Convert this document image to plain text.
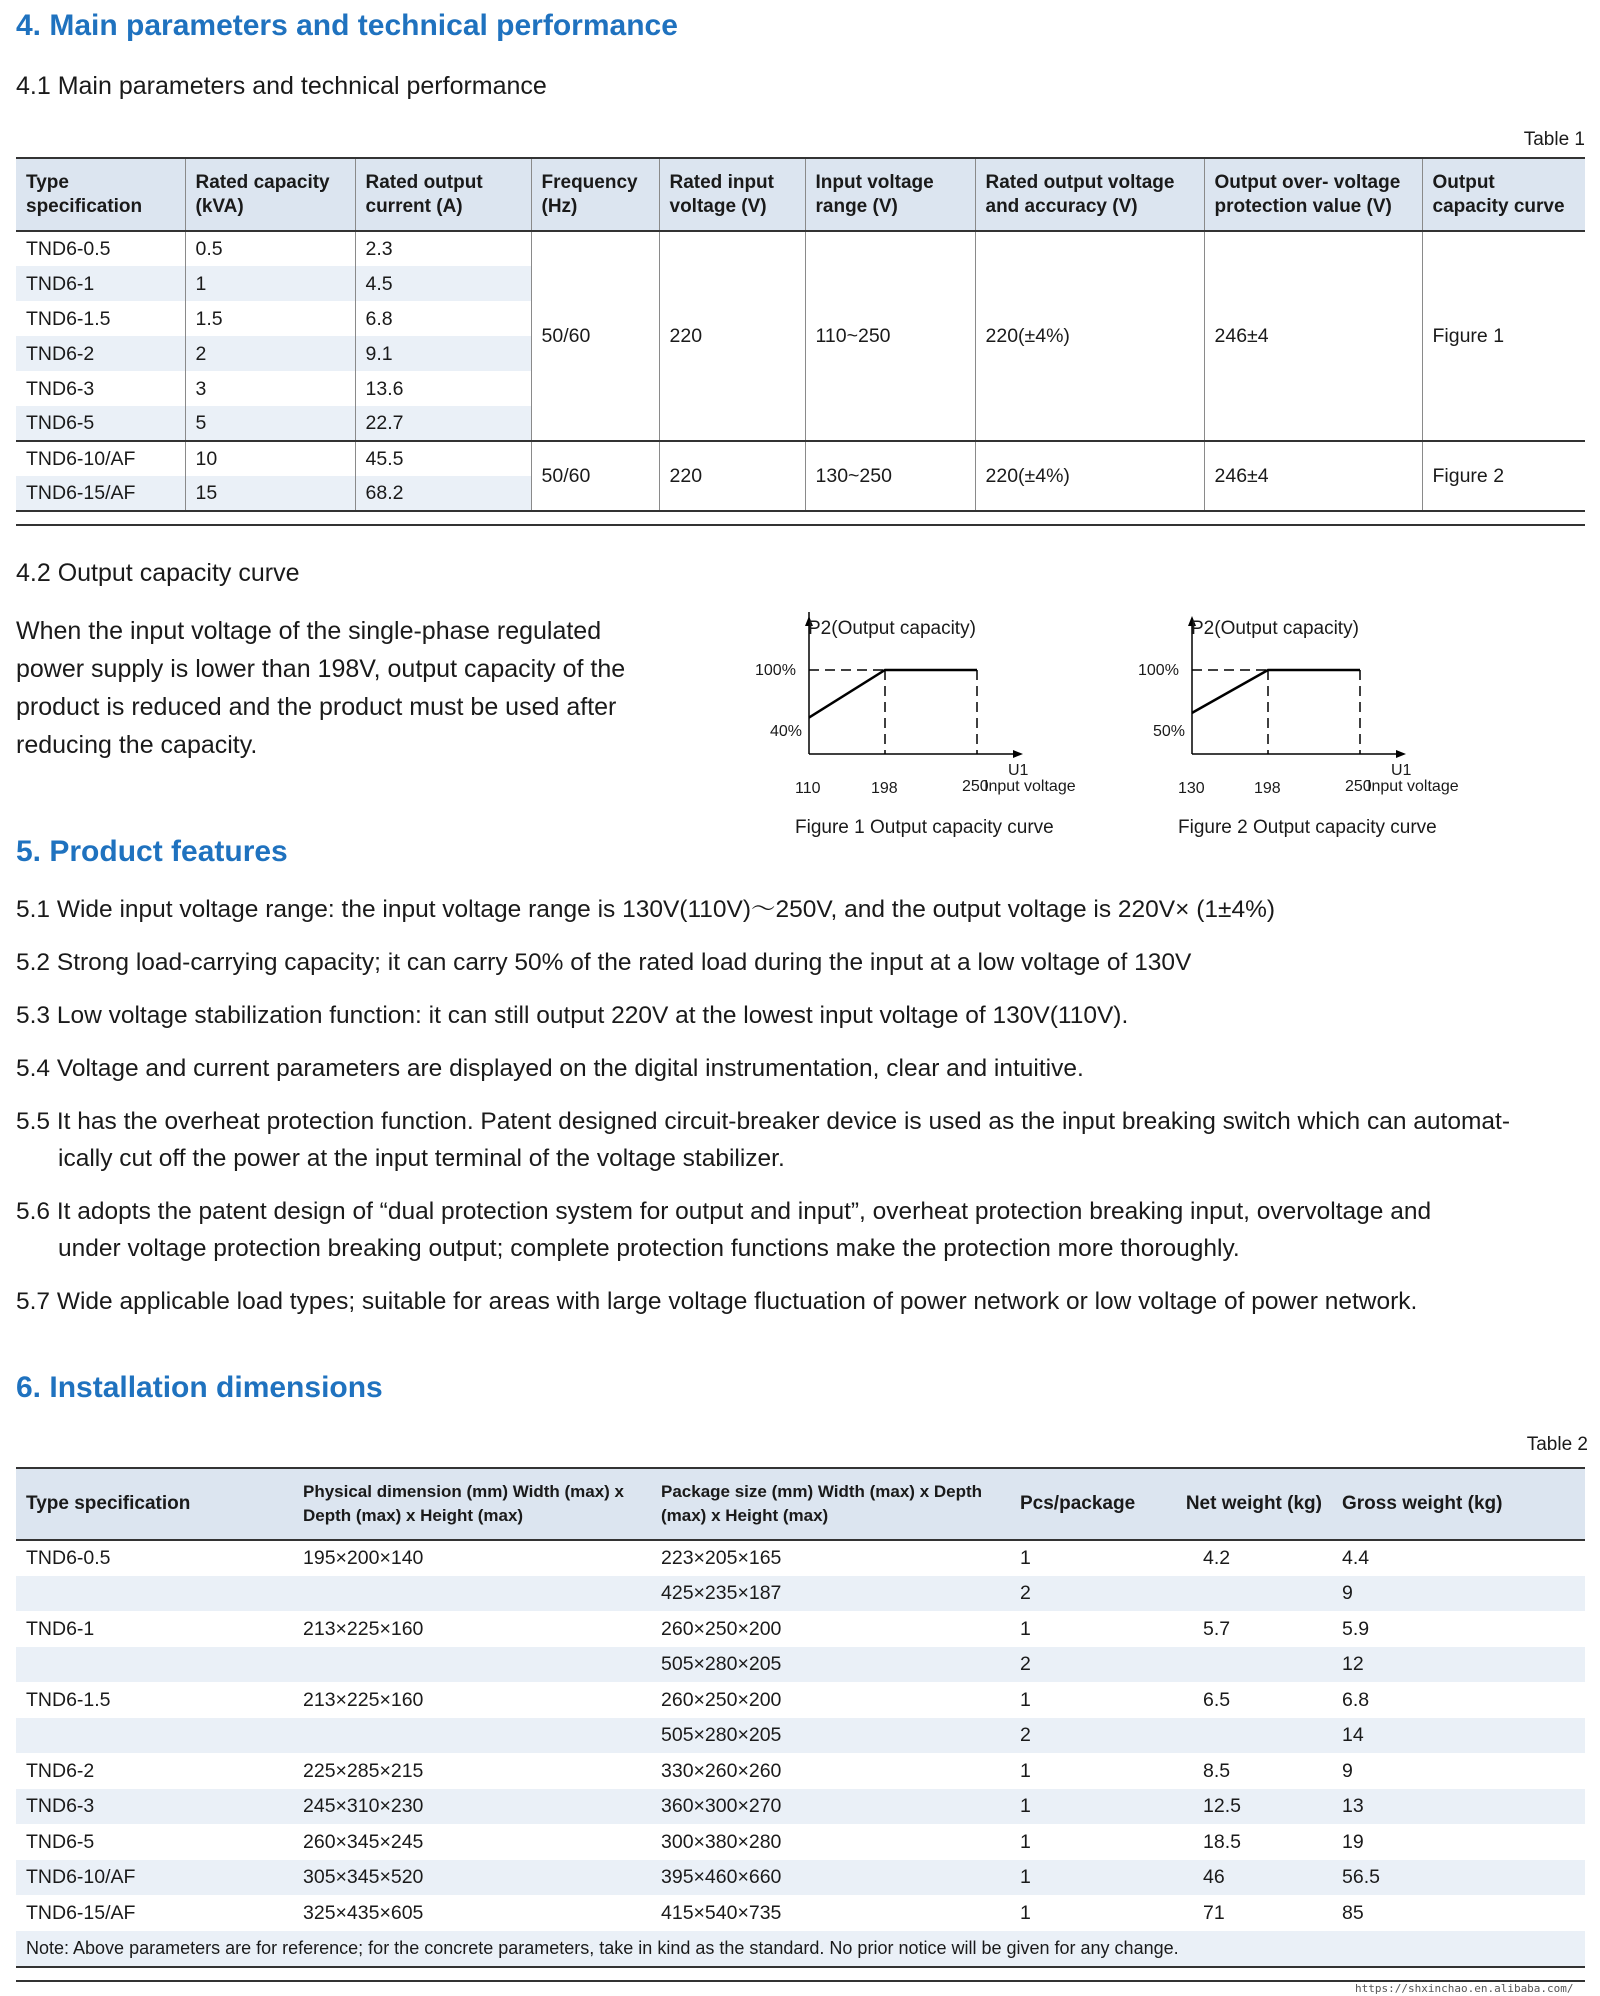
4. Main parameters and technical performance
4.1 Main parameters and technical performance
Table 1
Type specification	Rated capacity (kVA)	Rated output current (A)	Frequency (Hz)	Rated input voltage (V)	Input voltage range (V)	Rated output voltage and accuracy (V)	Output over- voltage protection value (V)	Output capacity curve
TND6-0.5	0.5	2.3	50/60	220	110~250	220(±4%)	246±4	Figure 1
TND6-1	1	4.5						
TND6-1.5	1.5	6.8						
TND6-2	2	9.1						
TND6-3	3	13.6						
TND6-5	5	22.7						
TND6-10/AF	10	45.5	50/60	220	130~250	220(±4%)	246±4	Figure 2
TND6-15/AF	15	68.2						
4.2 Output capacity curve
When the input voltage of the single-phase regulated power supply is lower than 198V, output capacity of the product is reduced and the product must be used after reducing the capacity.
P2(Output capacity)
100%
40%
110	198	250
Input voltage
U1
Figure 1 Output capacity curve
P2(Output capacity)
100%
50%
130	198	250
Input voltage
U1
Figure 2 Output capacity curve
5. Product features
5.1 Wide input voltage range: the input voltage range is 130V(110V)～250V, and the output voltage is 220V× (1±4%)
5.2 Strong load-carrying capacity; it can carry 50% of the rated load during the input at a low voltage of 130V
5.3 Low voltage stabilization function: it can still output 220V at the lowest input voltage of 130V(110V).
5.4 Voltage and current parameters are displayed on the digital instrumentation, clear and intuitive.
5.5 It has the overheat protection function. Patent designed circuit-breaker device is used as the input breaking switch which can automat-
ically cut off the power at the input terminal of the voltage stabilizer.
5.6 It adopts the patent design of “dual protection system for output and input”, overheat protection breaking input, overvoltage and
under voltage protection breaking output; complete protection functions make the protection more thoroughly.
5.7 Wide applicable load types; suitable for areas with large voltage fluctuation of power network or low voltage of power network.
6. Installation dimensions
Table 2
Type specification	Physical dimension (mm) Width (max) x Depth (max) x Height (max)	Package size (mm) Width (max) x Depth (max) x Height (max)	Pcs/package	Net weight (kg)	Gross weight (kg)
TND6-0.5	195×200×140	223×205×165	1	4.2	4.4
		425×235×187	2		9
TND6-1	213×225×160	260×250×200	1	5.7	5.9
		505×280×205	2		12
TND6-1.5	213×225×160	260×250×200	1	6.5	6.8
		505×280×205	2		14
TND6-2	225×285×215	330×260×260	1	8.5	9
TND6-3	245×310×230	360×300×270	1	12.5	13
TND6-5	260×345×245	300×380×280	1	18.5	19
TND6-10/AF	305×345×520	395×460×660	1	46	56.5
TND6-15/AF	325×435×605	415×540×735	1	71	85
Note: Above parameters are for reference; for the concrete parameters, take in kind as the standard. No prior notice will be given for any change.					
https://shxinchao.en.alibaba.com/
